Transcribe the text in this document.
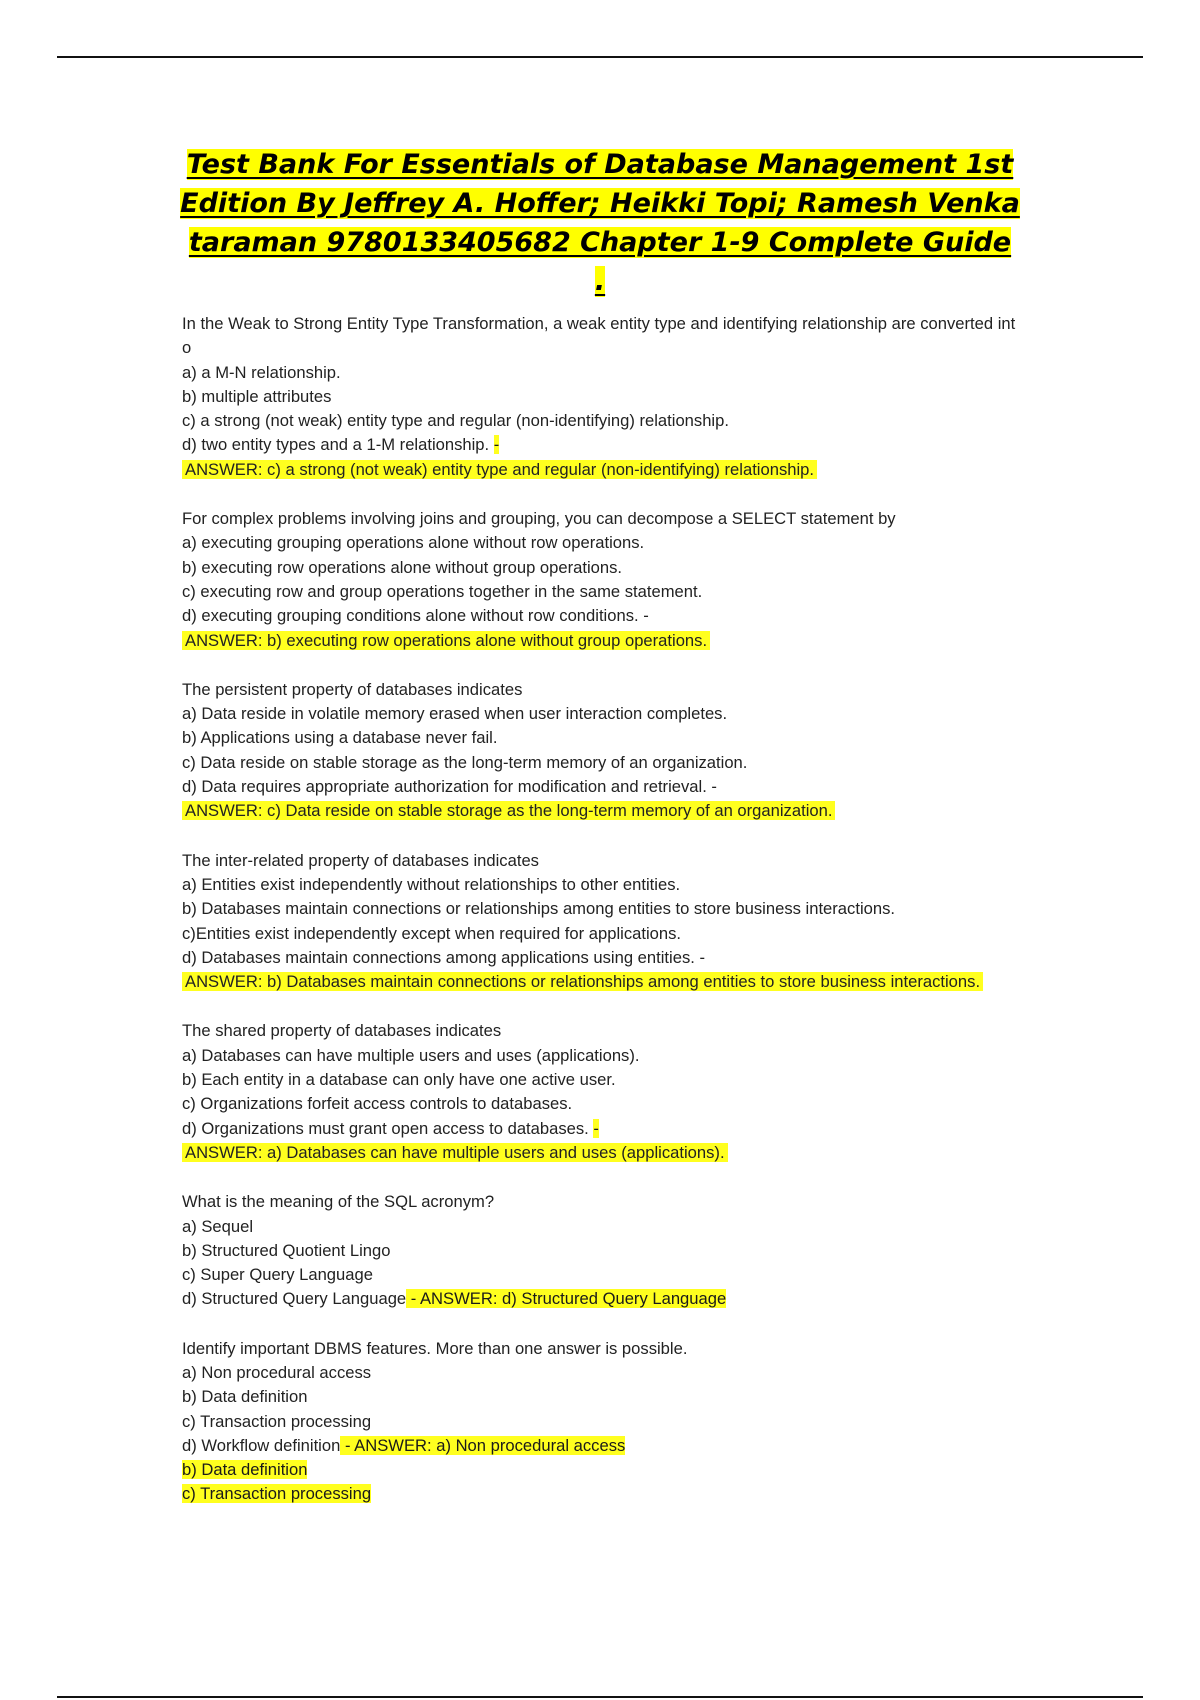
Test Bank For Essentials of Database Management 1st Edition By Jeffrey A. Hoffer; Heikki Topi; Ramesh Venkataraman 9780133405682 Chapter 1-9 Complete Guide .
In the Weak to Strong Entity Type Transformation, a weak entity type and identifying relationship are converted into
a) a M-N relationship.
b) multiple attributes
c) a strong (not weak) entity type and regular (non-identifying) relationship.
d) two entity types and a 1-M relationship. -
ANSWER: c) a strong (not weak) entity type and regular (non-identifying) relationship.
For complex problems involving joins and grouping, you can decompose a SELECT statement by
a) executing grouping operations alone without row operations.
b) executing row operations alone without group operations.
c) executing row and group operations together in the same statement.
d) executing grouping conditions alone without row conditions. -
ANSWER: b) executing row operations alone without group operations.
The persistent property of databases indicates
a) Data reside in volatile memory erased when user interaction completes.
b) Applications using a database never fail.
c) Data reside on stable storage as the long-term memory of an organization.
d) Data requires appropriate authorization for modification and retrieval. -
ANSWER: c) Data reside on stable storage as the long-term memory of an organization.
The inter-related property of databases indicates
a) Entities exist independently without relationships to other entities.
b) Databases maintain connections or relationships among entities to store business interactions.
c)Entities exist independently except when required for applications.
d) Databases maintain connections among applications using entities. -
ANSWER: b) Databases maintain connections or relationships among entities to store business interactions.
The shared property of databases indicates
a) Databases can have multiple users and uses (applications).
b) Each entity in a database can only have one active user.
c) Organizations forfeit access controls to databases.
d) Organizations must grant open access to databases. -
ANSWER: a) Databases can have multiple users and uses (applications).
What is the meaning of the SQL acronym?
a) Sequel
b) Structured Quotient Lingo
c) Super Query Language
d) Structured Query Language - ANSWER: d) Structured Query Language
Identify important DBMS features. More than one answer is possible.
a) Non procedural access
b) Data definition
c) Transaction processing
d) Workflow definition - ANSWER: a) Non procedural access
b) Data definition
c) Transaction processing
